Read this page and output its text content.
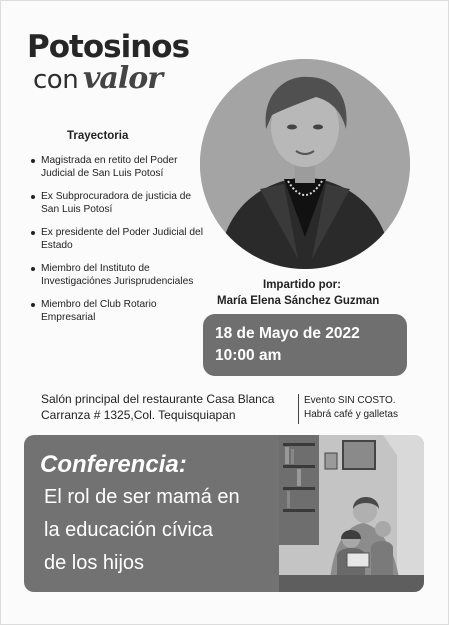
Potosinos
con valor
Trayectoria
Magistrada en retito del Poder Judicial de San Luis Potosí
Ex Subprocuradora de justicia de San Luis Potosí
Ex presidente del Poder Judicial del Estado
Miembro del Instituto de Investigaciónes Jurisprudenciales
Miembro del Club Rotario Empresarial
Impartido por:
María Elena Sánchez Guzman
18 de Mayo de 2022
10:00 am
Salón principal del restaurante Casa Blanca
Carranza # 1325,Col. Tequisquiapan
Evento SIN COSTO.
Habrá café y galletas
Conferencia:
El rol de ser mamá en
la educación cívica
de los hijos
